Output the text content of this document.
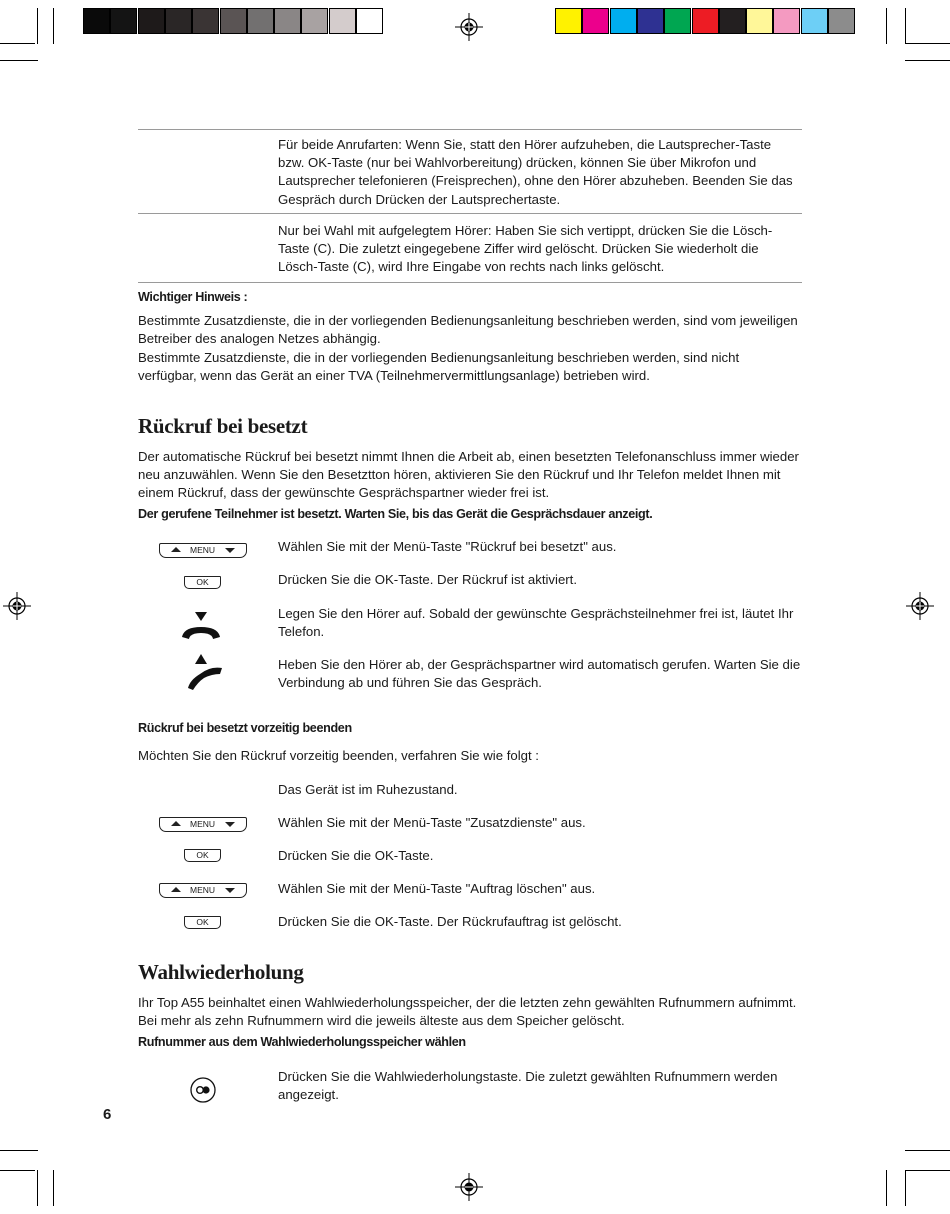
Für beide Anrufarten: Wenn Sie, statt den Hörer aufzuheben, die Lautsprecher-Taste bzw. OK-Taste (nur bei Wahlvorbereitung) drücken, können Sie über Mikrofon und Lautsprecher telefonieren (Freisprechen), ohne den Hörer abzuheben. Beenden Sie das Gespräch durch Drücken der Lautsprechertaste.

Nur bei Wahl mit aufgelegtem Hörer: Haben Sie sich vertippt, drücken Sie die Lösch-Taste (C). Die zuletzt eingegebene Ziffer wird gelöscht. Drücken Sie wiederholt die Lösch-Taste (C), wird Ihre Eingabe von rechts nach links gelöscht.

Wichtiger Hinweis :

Bestimmte Zusatzdienste, die in der vorliegenden Bedienungsanleitung beschrieben werden, sind vom jeweiligen Betreiber des analogen Netzes abhängig.

Bestimmte Zusatzdienste, die in der vorliegenden Bedienungsanleitung beschrieben werden, sind nicht verfügbar, wenn das Gerät an einer TVA (Teilnehmervermittlungsanlage) betrieben wird.

Rückruf bei besetzt

Der automatische Rückruf bei besetzt nimmt Ihnen die Arbeit ab, einen besetzten Telefonanschluss immer wieder neu anzuwählen. Wenn Sie den Besetztton hören, aktivieren Sie den Rückruf und Ihr Telefon meldet Ihnen mit einem Rückruf, dass der gewünschte Gesprächspartner wieder frei ist.

Der gerufene Teilnehmer ist besetzt. Warten Sie, bis das Gerät die Gesprächsdauer anzeigt.

MENU	Wählen Sie mit der Menü-Taste "Rückruf bei besetzt" aus.

OK	Drücken Sie die OK-Taste. Der Rückruf ist aktiviert.

Legen Sie den Hörer auf. Sobald der gewünschte Gesprächsteilnehmer frei ist, läutet Ihr Telefon.

Heben Sie den Hörer ab, der Gesprächspartner wird automatisch gerufen. Warten Sie die Verbindung ab und führen Sie das Gespräch.

Rückruf bei besetzt vorzeitig beenden

Möchten Sie den Rückruf vorzeitig beenden, verfahren Sie wie folgt :

Das Gerät ist im Ruhezustand.

MENU	Wählen Sie mit der Menü-Taste "Zusatzdienste" aus.

OK	Drücken Sie die OK-Taste.

MENU	Wählen Sie mit der Menü-Taste "Auftrag löschen" aus.

OK	Drücken Sie die OK-Taste. Der Rückrufauftrag ist gelöscht.

Wahlwiederholung

Ihr Top A55 beinhaltet einen Wahlwiederholungsspeicher, der die letzten zehn gewählten Rufnummern aufnimmt. Bei mehr als zehn Rufnummern wird die jeweils älteste aus dem Speicher gelöscht.

Rufnummer aus dem Wahlwiederholungsspeicher wählen

Drücken Sie die Wahlwiederholungstaste. Die zuletzt gewählten Rufnummern werden angezeigt.

6
